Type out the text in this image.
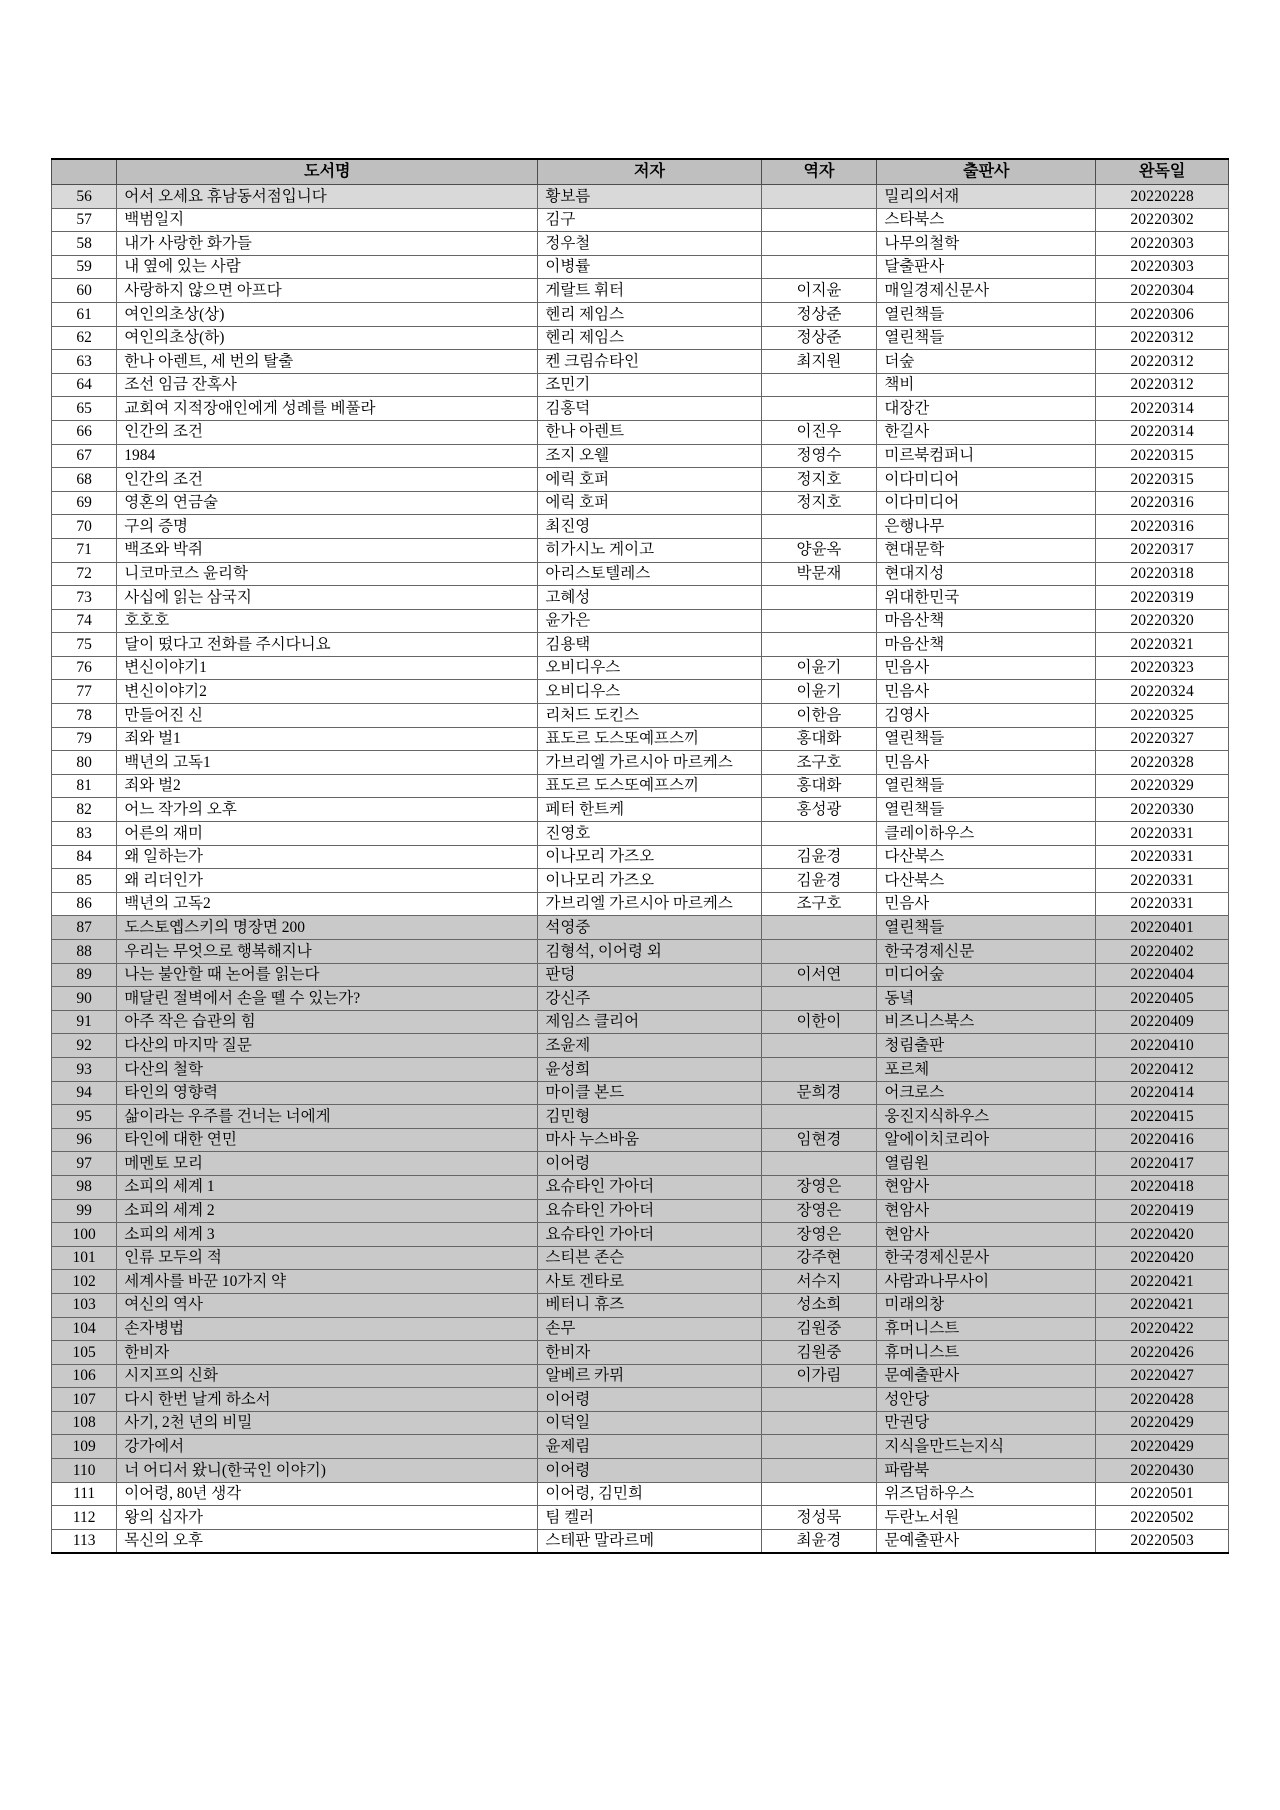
	도서명	저자	역자	출판사	완독일
56	어서 오세요 휴남동서점입니다	황보름		밀리의서재	20220228
57	백범일지	김구		스타북스	20220302
58	내가 사랑한 화가들	정우철		나무의철학	20220303
59	내 옆에 있는 사람	이병률		달출판사	20220303
60	사랑하지 않으면 아프다	게랄트 휘터	이지윤	매일경제신문사	20220304
61	여인의초상(상)	헨리 제임스	정상준	열린책들	20220306
62	여인의초상(하)	헨리 제임스	정상준	열린책들	20220312
63	한나 아렌트, 세 번의 탈출	켄 크림슈타인	최지원	더숲	20220312
64	조선 임금 잔혹사	조민기		책비	20220312
65	교회여 지적장애인에게 성례를 베풀라	김홍덕		대장간	20220314
66	인간의 조건	한나 아렌트	이진우	한길사	20220314
67	1984	조지 오웰	정영수	미르북컴퍼니	20220315
68	인간의 조건	에릭 호퍼	정지호	이다미디어	20220315
69	영혼의 연금술	에릭 호퍼	정지호	이다미디어	20220316
70	구의 증명	최진영		은행나무	20220316
71	백조와 박쥐	히가시노 게이고	양윤옥	현대문학	20220317
72	니코마코스 윤리학	아리스토텔레스	박문재	현대지성	20220318
73	사십에 읽는 삼국지	고혜성		위대한민국	20220319
74	호호호	윤가은		마음산책	20220320
75	달이 떴다고 전화를 주시다니요	김용택		마음산책	20220321
76	변신이야기1	오비디우스	이윤기	민음사	20220323
77	변신이야기2	오비디우스	이윤기	민음사	20220324
78	만들어진 신	리처드 도킨스	이한음	김영사	20220325
79	죄와 벌1	표도르 도스또예프스끼	홍대화	열린책들	20220327
80	백년의 고독1	가브리엘 가르시아 마르케스	조구호	민음사	20220328
81	죄와 벌2	표도르 도스또예프스끼	홍대화	열린책들	20220329
82	어느 작가의 오후	페터 한트케	홍성광	열린책들	20220330
83	어른의 재미	진영호		클레이하우스	20220331
84	왜 일하는가	이나모리 가즈오	김윤경	다산북스	20220331
85	왜 리더인가	이나모리 가즈오	김윤경	다산북스	20220331
86	백년의 고독2	가브리엘 가르시아 마르케스	조구호	민음사	20220331
87	도스토옙스키의 명장면 200	석영중		열린책들	20220401
88	우리는 무엇으로 행복해지나	김형석, 이어령 외		한국경제신문	20220402
89	나는 불안할 때 논어를 읽는다	판덩	이서연	미디어숲	20220404
90	매달린 절벽에서 손을 뗄 수 있는가?	강신주		동녘	20220405
91	아주 작은 습관의 힘	제임스 클리어	이한이	비즈니스북스	20220409
92	다산의 마지막 질문	조윤제		청림출판	20220410
93	다산의 철학	윤성희		포르체	20220412
94	타인의 영향력	마이클 본드	문희경	어크로스	20220414
95	삶이라는 우주를 건너는 너에게	김민형		웅진지식하우스	20220415
96	타인에 대한 연민	마사 누스바움	임현경	알에이치코리아	20220416
97	메멘토 모리	이어령		열림원	20220417
98	소피의 세계 1	요슈타인 가아더	장영은	현암사	20220418
99	소피의 세계 2	요슈타인 가아더	장영은	현암사	20220419
100	소피의 세계 3	요슈타인 가아더	장영은	현암사	20220420
101	인류 모두의 적	스티븐 존슨	강주현	한국경제신문사	20220420
102	세계사를 바꾼 10가지 약	사토 겐타로	서수지	사람과나무사이	20220421
103	여신의 역사	베터니 휴즈	성소희	미래의창	20220421
104	손자병법	손무	김원중	휴머니스트	20220422
105	한비자	한비자	김원중	휴머니스트	20220426
106	시지프의 신화	알베르 카뮈	이가림	문예출판사	20220427
107	다시 한번 날게 하소서	이어령		성안당	20220428
108	사기, 2천 년의 비밀	이덕일		만권당	20220429
109	강가에서	윤제림		지식을만드는지식	20220429
110	너 어디서 왔니(한국인 이야기)	이어령		파람북	20220430
111	이어령, 80년 생각	이어령, 김민희		위즈덤하우스	20220501
112	왕의 십자가	팀 켈러	정성묵	두란노서원	20220502
113	목신의 오후	스테판 말라르메	최윤경	문예출판사	20220503
